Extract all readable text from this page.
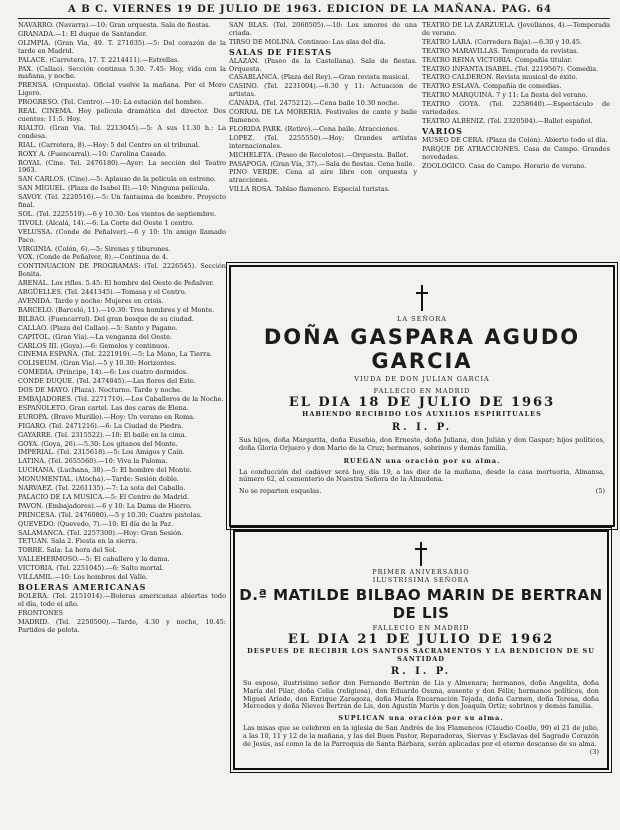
A B C. VIERNES 19 DE JULIO DE 1963. EDICION DE LA MAÑANA. PAG. 64

NAVARRO. (Navarra).—10: Gran orquesta. Sala de fiestas.

GRANADA.—1: El duque de Santander.

OLIMPIA. (Gran Via, 49. T. 271035).—5: Del corazón de la tarde en Madrid.

PALACE. (Carretera, 17. T. 2214411).—Estrellas.

PAX. (Callao). Sección continua 5.30. 7.45: Hoy, vida con la mañana, y noche.

PRENSA. (Orquesta). Oficial vuelve la mañana. Por el Moro Ligero.

PROGRESO. (Tel. Centro).—10: La estación del hombre.

REAL CINEMA. Hoy película dramática del director. Dos cuentos: 11:5. Hoy.

RIALTO. (Gran Via. Tel. 2213045).—5: A sus 11.30 h.: La condesa.

RIAL. (Carretera, 8).—Hoy: 5 del Centro en el tribunal.

ROXY A. (Fuencarral).—10: Carolina Casado.

ROYAL (Cine. Tel. 2476180).—Ayer: La sección del Teatro 1963.

SAN CARLOS. (Cine).—5: Aplauso de la película en estreno.

SAN MIGUEL. (Plaza de Isabel II).—10: Ninguna película.

SAVOY. (Tel. 2220516).—5: Un fantasma de hombre. Proyecto final.

SOL. (Tel. 2225519).—6 y 10.30: Los vientos de septiembre.

TIVOLI. (Alcalá, 14).—6: La Corte del Oeste 1 centro.

VELUSSA. (Conde de Peñalver).—6 y 10: Un amigo llamado Paco.

VIRGINIA. (Colón, 6).—5: Sirenas y tiburones.

VOX. (Conde de Peñalver, 8).—Continua de 4.

CONTINUACION DE PROGRAMAS: (Tel. 2226545). Sección Bonita.

ARENAL. Los rifles. 5.45: El hombre del Oeste de Peñalver.

ARGÜELLES. (Tel. 2441345).—Tomasa y el Centro.

AVENIDA. Tarde y noche: Mujeres en crisis.

BARCELO. (Barceló, 11).—10.30: Tres hombres y el Monte.

BILBAO. (Fuencarral). Del gran bosque de su ciudad.

CALLAO. (Plaza del Callao).—5: Santo y Pagano.

CAPITOL. (Gran Via).—La venganza del Oeste.

CARLOS III. (Goya).—6: Gemelos y continuos.

CINEMA ESPAÑA. (Tel. 2221919).—5: La Mano, La Tierra.

COLISEUM. (Gran Via).—5 y 10.30: Horizontes.

COMEDIA. (Príncipe, 14).—6: Los cuatro dormidos.

CONDE DUQUE. (Tel. 2474045).—Las flores del Este.

DOS DE MAYO. (Plaza). Nocturno. Tarde y noche.

EMBAJADORES. (Tel. 2271710).—Los Caballeros de la Noche.

ESPAÑOLETO. Gran cartel. Las dos caras de Elena.

EUROPA. (Bravo Murillo).—Hoy: Un verano en Roma.

FIGARO. (Tel. 2471216).—6: La Ciudad de Piedra.

GAYARRE. (Tel. 2315522).—10: El baile en la cima.

GOYA. (Goya, 26).—5.30: Los gitanos del Monte.

IMPERIAL. (Tel. 2315618).—5: Los Amigos y Caín.

LATINA. (Tel. 2655560).—10: Viva la Paloma.

LUCHANA. (Luchana, 38).—5: El hombre del Monte.

MONUMENTAL. (Atocha).—Tarde: Sesión doble.

NARVAEZ. (Tel. 2261135).—7: La sota del Caballo.

PALACIO DE LA MUSICA.—5: El Centro de Madrid.

PAVON. (Embajadores).—6 y 10: La Dama de Hierro.

PRINCESA. (Tel. 2476080).—5 y 10.30: Cuatro pistolas.

QUEVEDO. (Quevedo, 7).—10: El día de la Paz.

SALAMANCA. (Tel. 2257300).—Hoy: Gran Sesión.

TETUAN. Sala 2. Fiesta en la sierra.

TORRE. Sala: La hora del Sol.

VALLEHERMOSO.—5: El caballero y la dama.

VICTORIA. (Tel. 2251045).—6: Salto mortal.

VILLAMIL.—10: Los hombres del Valle.

BOLERAS AMERICANAS

BOLERA. (Tel. 2151014).—Boleras americanas abiertas todo el día, todo el año.

FRONTONES

MADRID. (Tel. 2250500).—Tarde, 4.30 y noche, 10.45: Partidos de pelota.

SAN BLAS. (Tel. 2060505).—10: Los amores de una criada.

TIRSO DE MOLINA. Continuo: Las alas del día.

SALAS DE FIESTAS

ALAZAN. (Paseo de la Castellana). Sala de fiestas. Orquesta.

CASABLANCA. (Plaza del Rey).—Gran revista musical.

CASINO. (Tel. 2231004).—6.30 y 11: Actuación de artistas.

CANADA. (Tel. 2475212).—Cena baile 10.30 noche.

CORRAL DE LA MORERIA. Festivales de cante y baile flamenco.

FLORIDA PARK. (Retiro).—Cena baile. Atracciones.

LOPEZ. (Tel. 2255550).—Hoy: Grandes artistas internacionales.

MICHELETA. (Paseo de Recoletos).—Orquesta. Ballet.

PASAPOGA. (Gran Vía, 37).—Sala de fiestas. Cena baile.

PINO VERDE. Cena al aire libre con orquesta y atracciones.

VILLA ROSA. Tablao flamenco. Especial turistas.

TEATRO DE LA ZARZUELA. (Jovellanos, 4).—Temporada de verano.

TEATRO LARA. (Corredera Baja).—6.30 y 10.45.

TEATRO MARAVILLAS. Temporada de revistas.

TEATRO REINA VICTORIA. Compañía titular.

TEATRO INFANTA ISABEL. (Tel. 2219567). Comedia.

TEATRO CALDERON. Revista musical de éxito.

TEATRO ESLAVA. Compañía de comedias.

TEATRO MARQUINA. 7 y 11: La fiesta del verano.

TEATRO GOYA. (Tel. 2258640).—Espectáculo de variedades.

TEATRO ALBENIZ. (Tel. 2320504).—Ballet español.

VARIOS

MUSEO DE CERA. (Plaza de Colón). Abierto todo el día.

PARQUE DE ATRACCIONES. Casa de Campo. Grandes novedades.

ZOOLOGICO. Casa de Campo. Horario de verano.

LA SEÑORA
DOÑA GASPARA AGUDO GARCIA
VIUDA DE DON JULIAN GARCIA
FALLECIO EN MADRID
EL DIA 18 DE JULIO DE 1963
HABIENDO RECIBIDO LOS AUXILIOS ESPIRITUALES
R. I. P.
Sus hijos, doña Margarita, doña Eusebia, don Ernesto, doña Juliana, don Julián y don Gaspar; hijos políticos, doña Gloria Orjuero y don Mario de la Cruz; hermanos, sobrinos y demás familia.
RUEGAN una oración por su alma.
La conducción del cadáver será hoy, día 19, a las diez de la mañana, desde la casa mortuoria, Almansa, número 62, al cementerio de Nuestra Señora de la Almudena.
No se reparten esquelas.	(5)
PRIMER ANIVERSARIO
ILUSTRISIMA SEÑORA
D.ª MATILDE BILBAO MARIN DE BERTRAN DE LIS
FALLECIO EN MADRID
EL DIA 21 DE JULIO DE 1962
DESPUES DE RECIBIR LOS SANTOS SACRAMENTOS Y LA BENDICION DE SU SANTIDAD
R. I. P.
Su esposo, ilustrísimo señor don Fernando Bertrán de Lis y Almenara; hermanos, doña Angelita, doña María del Pilar, doña Celia (religiosa), don Eduardo Osuna, ausente y don Félix; hermanos políticos, don Miguel Ariede, don Enrique Zaragoza, doña María Encarnación Tejada, doña Carmen, doña Teresa, doña Mercedes y doña Nieves Bertrán de Lis, don Agustín Marín y don Joaquín Ortíz; sobrinos y demás familia.
SUPLICAN una oración por su alma.
Las misas que se celebren en la iglesia de San Andrés de los Flamencos (Claudio Coello, 99) el 21 de julio, a las 10, 11 y 12 de la mañana, y las del Buen Pastor, Reparadoras, Siervas y Esclavas del Sagrado Corazón de Jesús, así como la de la Parroquia de Santa Bárbara, serán aplicadas por el eterno descanso de su alma.
(3)
